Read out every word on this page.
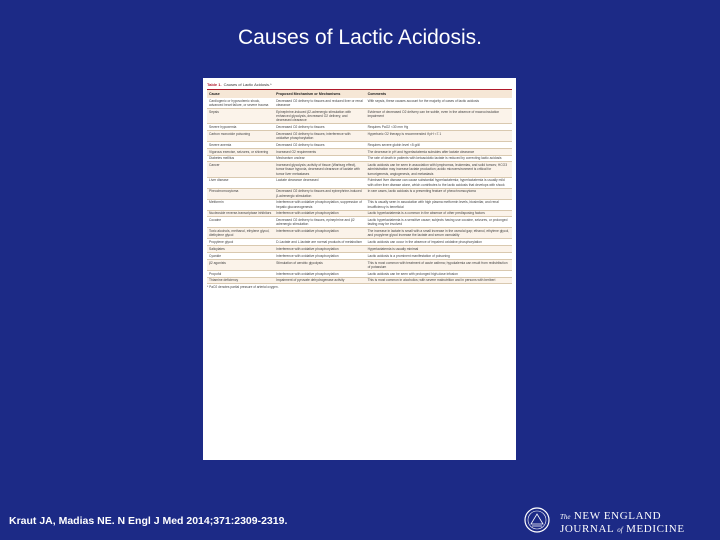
Causes of Lactic Acidosis.
Table 1. Causes of Lactic Acidosis.*
Cause	Proposed Mechanism or Mechanisms	Comments
Cardiogenic or hypovolemic shock, advanced heart failure, or severe trauma	Decreased O2 delivery to tissues and reduced liver or renal clearance	With sepsis, these causes account for the majority of cases of lactic acidosis
Sepsis	Epinephrine-induced β2-adrenergic stimulation with enhanced glycolysis, decreased O2 delivery, and decreased clearance	Evidence of decreased O2 delivery can be subtle, even in the absence of macrocirculation impairment
Severe hypoxemia	Decreased O2 delivery to tissues	Requires PaO2 <30 mm Hg
Carbon monoxide poisoning	Decreased O2 delivery to tissues; interference with oxidative phosphorylation	Hyperbaric O2 therapy is recommended if pH <7.1
Severe anemia	Decreased O2 delivery to tissues	Requires severe globin level <5 g/dl
Vigorous exercise, seizures, or shivering	Increased O2 requirements	The decrease in pH and hyperlactatemia subsides after lactate clearance
Diabetes mellitus	Mechanism unclear	The rate of death in patients with ketoacidotic lactate is reduced by correcting lactic acidosis
Cancer	Increased glycolysis; activity of tissue (Warburg effect), tumor tissue hypoxia, decreased clearance of lactate with tumor liver metastases	Lactic acidosis can be seen in association with lymphomas, leukemias, and solid tumors; HCO3 administration may increase lactate production; acidic microenvironment is critical for tumorigenesis, angiogenesis, and metastasis
Liver disease	Lactate clearance decreased	Fulminant liver disease can cause substantial hyperlactatemia; hyperlactatemia is usually mild with other liver disease alone, which contributes to the lactic acidosis that develops with shock
Pheochromocytoma	Decreased O2 delivery to tissues and epinephrine-induced β-adrenergic stimulation	In rare cases, lactic acidosis is a presenting feature of pheochromocytoma
Metformin	Interference with oxidative phosphorylation, suppression of hepatic gluconeogenesis	This is usually seen in association with high plasma metformin levels, biosimilar, and renal insufficiency is beneficial
Nucleoside reverse-transcriptase inhibitors	Interference with oxidative phosphorylation	Lactic hyperlactatemia is a common in the absence of other predisposing factors
Cocaine	Decreased O2 delivery to tissues, epinephrine and β2 adrenergic stimulation	Lactic hyperlactatemia is a sensitive cause; subjects having use cocaine, seizures, or prolonged fasting may be involved
Toxic alcohols, methanol, ethylene glycol, diethylene glycol	Interference with oxidative phosphorylation	The increase in lactate is small with a small increase in the osmolal gap; ethanol, ethylene glycol, and propylene glycol increase the lactate and serum osmolality
Propylene glycol	D-Lactate and L-lactate are normal products of metabolism	Lactic acidosis can occur in the absence of impaired oxidative phosphorylation
Salicylates	Interference with oxidative phosphorylation	Hyperlactatemia is usually minimal
Cyanide	Interference with oxidative phosphorylation	Lactic acidosis is a prominent manifestation of poisoning
β2 agonists	Stimulation of aerobic glycolysis	This is most common with treatment of acute asthma; hypokalemia can result from redistribution of potassium
Propofol	Interference with oxidative phosphorylation	Lactic acidosis can be seen with prolonged high-dose infusion
Thiamine deficiency	Impairment of pyruvate dehydrogenase activity	This is most common in alcoholics; with severe malnutrition and in persons with beriberi
* PaO2 denotes partial pressure of arterial oxygen.
Kraut JA, Madias NE. N Engl J Med 2014;371:2309-2319.	The NEW ENGLAND
JOURNAL of MEDICINE
